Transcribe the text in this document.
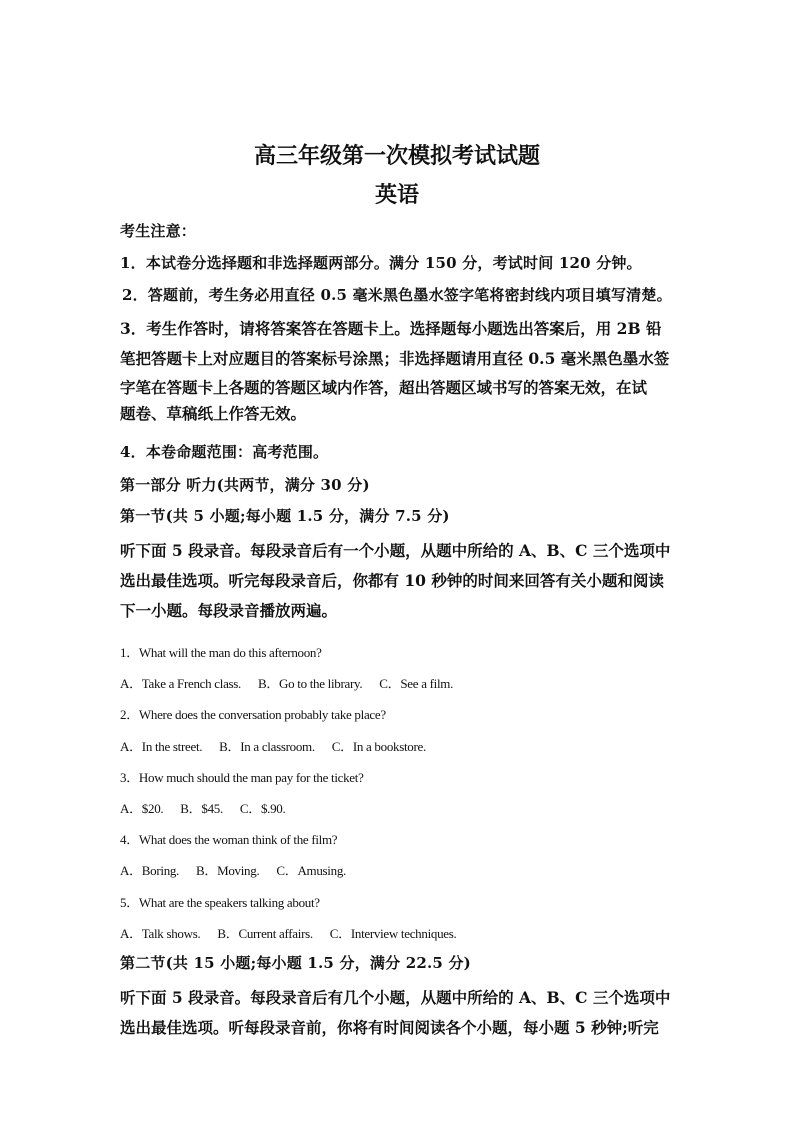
高三年级第一次模拟考试试题
英语
考生注意：
1．本试卷分选择题和非选择题两部分。满分 150 分，考试时间 120 分钟。
2．答题前，考生务必用直径 0.5 毫米黑色墨水签字笔将密封线内项目填写清楚。
3．考生作答时，请将答案答在答题卡上。选择题每小题选出答案后，用 2B 铅
笔把答题卡上对应题目的答案标号涂黑；非选择题请用直径 0.5 毫米黑色墨水签
字笔在答题卡上各题的答题区域内作答，超出答题区域书写的答案无效，在试
题卷、草稿纸上作答无效。
4．本卷命题范围：高考范围。
第一部分 听力(共两节，满分 30 分)
第一节(共 5 小题;每小题 1.5 分，满分 7.5 分)
听下面 5 段录音。每段录音后有一个小题，从题中所给的 A、B、C 三个选项中
选出最佳选项。听完每段录音后，你都有 10 秒钟的时间来回答有关小题和阅读
下一小题。每段录音播放两遍。
1．What will the man do this afternoon?
A．Take a French class. B．Go to the library. C．See a film.
2．Where does the conversation probably take place?
A．In the street. B．In a classroom. C．In a bookstore.
3．How much should the man pay for the ticket?
A．$20. B．$45. C．$.90.
4．What does the woman think of the film?
A．Boring. B．Moving. C．Amusing.
5．What are the speakers talking about?
A．Talk shows. B．Current affairs. C．Interview techniques.
第二节(共 15 小题;每小题 1.5 分，满分 22.5 分)
听下面 5 段录音。每段录音后有几个小题，从题中所给的 A、B、C 三个选项中
选出最佳选项。听每段录音前，你将有时间阅读各个小题，每小题 5 秒钟;听完
